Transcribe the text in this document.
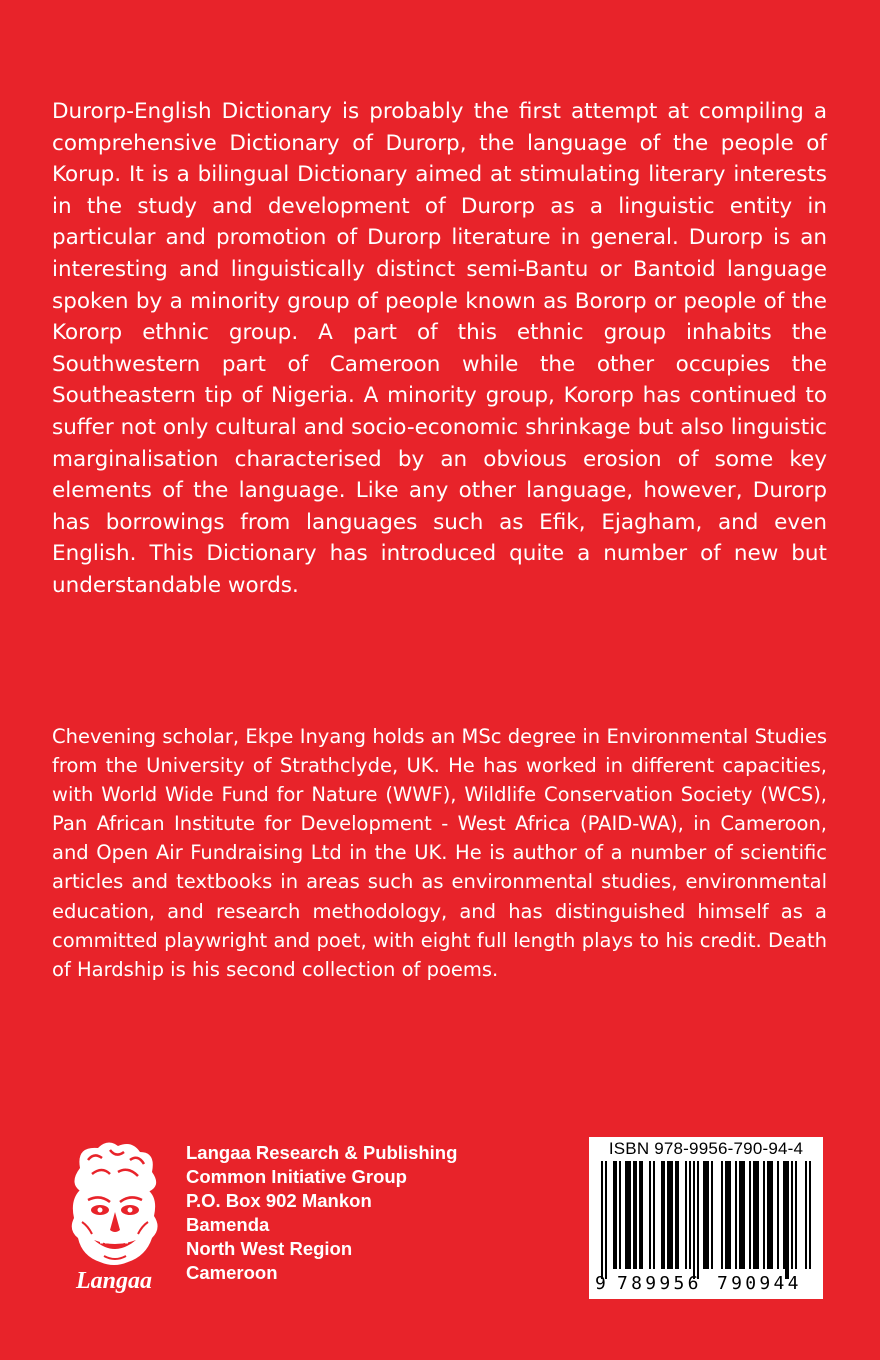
Durorp-English Dictionary is probably the first attempt at compiling a comprehensive Dictionary of Durorp, the language of the people of Korup. It is a bilingual Dictionary aimed at stimulating literary interests in the study and development of Durorp as a linguistic entity in particular and promotion of Durorp literature in general. Durorp is an interesting and linguistically distinct semi-Bantu or Bantoid language spoken by a minority group of people known as Bororp or people of the Kororp ethnic group. A part of this ethnic group inhabits the Southwestern part of Cameroon while the other occupies the Southeastern tip of Nigeria. A minority group, Kororp has continued to suffer not only cultural and socio-economic shrinkage but also linguistic marginalisation characterised by an obvious erosion of some key elements of the language. Like any other language, however, Durorp has borrowings from languages such as Efik, Ejagham, and even English. This Dictionary has introduced quite a number of new but understandable words.

Chevening scholar, Ekpe Inyang holds an MSc degree in Environmental Studies from the University of Strathclyde, UK. He has worked in different capacities, with World Wide Fund for Nature (WWF), Wildlife Conservation Society (WCS), Pan African Institute for Development - West Africa (PAID-WA), in Cameroon, and Open Air Fundraising Ltd in the UK. He is author of a number of scientific articles and textbooks in areas such as environmental studies, environmental education, and research methodology, and has distinguished himself as a committed playwright and poet, with eight full length plays to his credit. Death of Hardship is his second collection of poems.

Langaa
Langaa Research & Publishing
Common Initiative Group
P.O. Box 902 Mankon
Bamenda
North West Region
Cameroon
ISBN 978-9956-790-94-4
9 789956 790944
